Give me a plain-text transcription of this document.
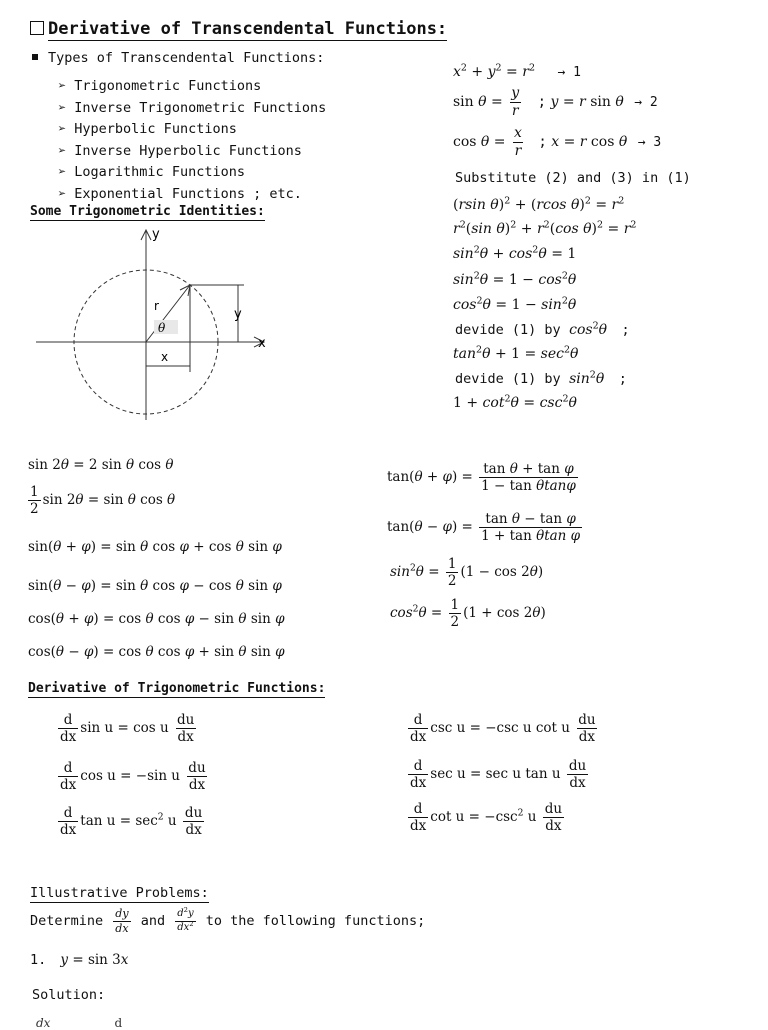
Derivative of Transcendental Functions:
Types of Transcendental Functions:
➢ Trigonometric Functions
➢ Inverse Trigonometric Functions
➢ Hyperbolic Functions
➢ Inverse Hyperbolic Functions
➢ Logarithmic Functions
➢ Exponential Functions ; etc.
Some Trigonometric Identities:
y
r
θ
y
x
x
$x^2 + y^2 = r^2 \to 1$
$\sin \theta = \frac{y}{r}$ ; y = r sin θ → 2
$\cos \theta = \frac{x}{r}$ ; x = r cos θ → 3
Substitute (2) and (3) in (1)
(rsin θ)$^2$ + (rcos $\theta)^2 = r^2$
$r^2(\sin$ $\theta)^2 + r^2(\cos$ $\theta)^2 = r^2$
$\sin^2\theta + \cos^2\theta = 1$
$\sin^2\theta = 1 - \cos^2\theta$
$\cos^2\theta = 1 - \sin^2\theta$
devide (1) by $\cos^2\theta$ ;
$\tan^2\theta + 1 = \sec^2\theta$
devide (1) by $\sin^2\theta$ ;
$1 + \cot^2\theta = \csc^2\theta$
sin 2θ = 2 sin θ cos θ
$\frac{1}{2}$ sin 2θ = sin θ cos θ
sin(θ + φ) = sin θ cos φ + cos θ sin φ
sin(θ − φ) = sin θ cos φ − cos θ sin φ
cos(θ + φ) = cos θ cos φ − sin θ sin φ
cos(θ − φ) = cos θ cos φ + sin θ sin φ
$\tan(\theta + \varphi) = \frac{\text{tan θ + tan φ}}{\text{1 − tan θtanφ}}$
$\tan(\theta - \varphi) = \frac{\text{tan θ − tan φ}}{\text{1 + tan θtan φ}}$
$\sin^2\theta = \frac{1}{2} (1 - \cos 2\theta)$
$\cos^2\theta = \frac{1}{2} (1 + \cos 2\theta)$
Derivative of Trigonometric Functions:
$\frac{d}{dx}$ sin u = cos u $\frac{du}{dx}$
$\frac{d}{dx}$ cos u = −sin u $\frac{du}{dx}$
$\frac{d}{dx}$ $\tan u = \sec^2 u \frac{du}{dx}$
$\frac{d}{dx}$ csc u = −csc u cot u $\frac{du}{dx}$
$\frac{d}{dx}$ sec u = sec u tan u $\frac{du}{dx}$
$\frac{d}{dx}$ $\cot u = -\csc^2$ u $\frac{du}{dx}$
Illustrative Problems:
Determine $\frac{dy}{dx}$ and $\frac{d^2y}{dx^2}$ to the following functions;
1. y = sin 3x
Solution:
dx	d
